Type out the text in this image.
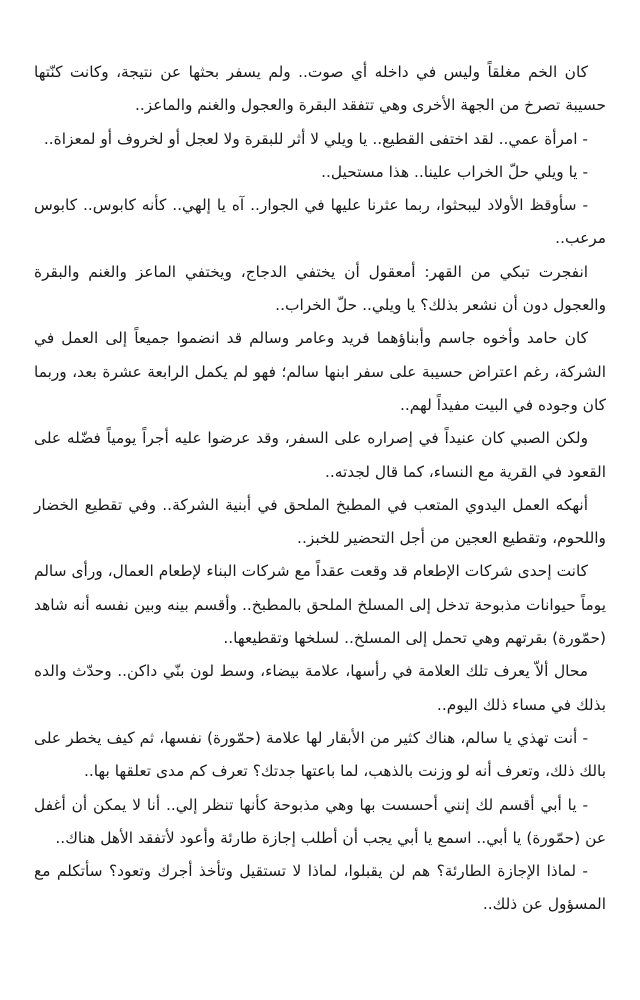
كان الخم مغلقاً وليس في داخله أي صوت.. ولم يسفر بحثها عن نتيجة، وكانت كنّتها حسيبة تصرخ من الجهة الأخرى وهي تتفقد البقرة والعجول والغنم والماعز..

- امرأة عمي.. لقد اختفى القطيع.. يا ويلي لا أثر للبقرة ولا لعجل أو لخروف أو لمعزاة..

- يا ويلي حلّ الخراب علينا.. هذا مستحيل..

- سأوقظ الأولاد ليبحثوا، ربما عثرنا عليها في الجوار.. آه يا إلهي.. كأنه كابوس.. كابوس مرعب..

انفجرت تبكي من القهر: أمعقول أن يختفي الدجاج، ويختفي الماعز والغنم والبقرة والعجول دون أن نشعر بذلك؟ يا ويلي.. حلّ الخراب..

كان حامد وأخوه جاسم وأبناؤهما فريد وعامر وسالم قد انضموا جميعاً إلى العمل في الشركة، رغم اعتراض حسيبة على سفر ابنها سالم؛ فهو لم يكمل الرابعة عشرة بعد، وربما كان وجوده في البيت مفيداً لهم..

ولكن الصبي كان عنيداً في إصراره على السفر، وقد عرضوا عليه أجراً يومياً فضّله على القعود في القرية مع النساء، كما قال لجدته..

أنهكه العمل اليدوي المتعب في المطبخ الملحق في أبنية الشركة.. وفي تقطيع الخضار واللحوم، وتقطيع العجين من أجل التحضير للخبز..

كانت إحدى شركات الإطعام قد وقعت عقداً مع شركات البناء لإطعام العمال، ورأى سالم يوماً حيوانات مذبوحة تدخل إلى المسلخ الملحق بالمطبخ.. وأقسم بينه وبين نفسه أنه شاهد (حمّورة) بقرتهم وهي تحمل إلى المسلخ.. لسلخها وتقطيعها..

محال ألاّ يعرف تلك العلامة في رأسها، علامة بيضاء، وسط لون بنّي داكن.. وحدّث والده بذلك في مساء ذلك اليوم..

- أنت تهذي يا سالم، هناك كثير من الأبقار لها علامة (حمّورة) نفسها، ثم كيف يخطر على بالك ذلك، وتعرف أنه لو وزنت بالذهب، لما باعتها جدتك؟ تعرف كم مدى تعلقها بها..

- يا أبي أقسم لك إنني أحسست بها وهي مذبوحة كأنها تنظر إلي.. أنا لا يمكن أن أغفل عن (حمّورة) يا أبي.. اسمع يا أبي يجب أن أطلب إجازة طارئة وأعود لأتفقد الأهل هناك..

- لماذا الإجازة الطارئة؟ هم لن يقبلوا، لماذا لا تستقيل وتأخذ أجرك وتعود؟ سأتكلم مع المسؤول عن ذلك..
